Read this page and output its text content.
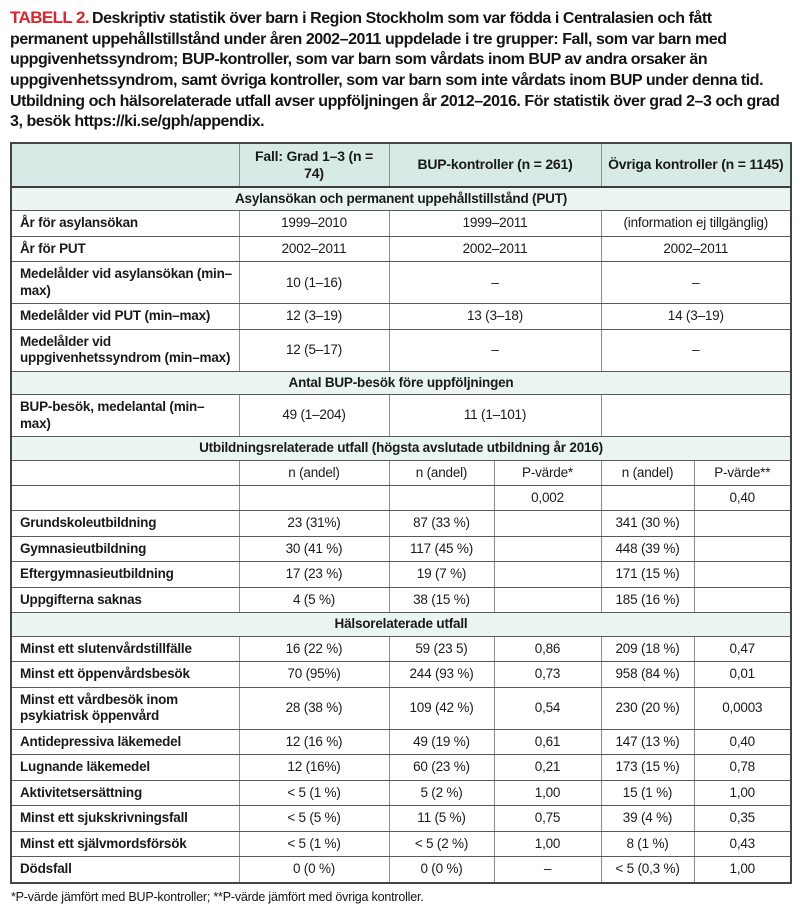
TABELL 2. Deskriptiv statistik över barn i Region Stockholm som var födda i Centralasien och fått permanent uppehållstillstånd under åren 2002–2011 uppdelade i tre grupper: Fall, som var barn med uppgivenhetssyndrom; BUP-kontroller, som var barn som vårdats inom BUP av andra orsaker än uppgivenhetssyndrom, samt övriga kontroller, som var barn som inte vårdats inom BUP under denna tid. Utbildning och hälsorelaterade utfall avser uppföljningen år 2012–2016. För statistik över grad 2–3 och grad 3, besök https://ki.se/gph/appendix.

	Fall: Grad 1–3 (n = 74)	BUP-kontroller (n = 261)		Övriga kontroller (n = 1145)	
Asylansökan och permanent uppehållstillstånd (PUT)					
År för asylansökan	1999–2010	1999–2011		(information ej tillgänglig)	
År för PUT	2002–2011	2002–2011		2002–2011	
Medelålder vid asylansökan (min–max)	10 (1–16)	–		–	
Medelålder vid PUT (min–max)	12 (3–19)	13 (3–18)		14 (3–19)	
Medelålder vid uppgivenhetssyndrom (min–max)	12 (5–17)	–		–	
Antal BUP-besök före uppföljningen					
BUP-besök, medelantal (min–max)	49 (1–204)	11 (1–101)			
Utbildningsrelaterade utfall (högsta avslutade utbildning år 2016)					
	n (andel)	n (andel)	P-värde*	n (andel)	P-värde**
			0,002		0,40
Grundskoleutbildning	23 (31%)	87 (33 %)		341 (30 %)	
Gymnasieutbildning	30 (41 %)	117 (45 %)		448 (39 %)	
Eftergymnasieutbildning	17 (23 %)	19 (7 %)		171 (15 %)	
Uppgifterna saknas	4 (5 %)	38 (15 %)		185 (16 %)	
Hälsorelaterade utfall					
Minst ett slutenvårdstillfälle	16 (22 %)	59 (23 5)	0,86	209 (18 %)	0,47
Minst ett öppenvårdsbesök	70 (95%)	244 (93 %)	0,73	958 (84 %)	0,01
Minst ett vårdbesök inom psykiatrisk öppenvård	28 (38 %)	109 (42 %)	0,54	230 (20 %)	0,0003
Antidepressiva läkemedel	12 (16 %)	49 (19 %)	0,61	147 (13 %)	0,40
Lugnande läkemedel	12 (16%)	60 (23 %)	0,21	173 (15 %)	0,78
Aktivitetsersättning	< 5 (1 %)	5 (2 %)	1,00	15 (1 %)	1,00
Minst ett sjukskrivningsfall	< 5 (5 %)	11 (5 %)	0,75	39 (4 %)	0,35
Minst ett självmordsförsök	< 5 (1 %)	< 5 (2 %)	1,00	8 (1 %)	0,43
Dödsfall	0 (0 %)	0 (0 %)	–	< 5 (0,3 %)	1,00

*P-värde jämfört med BUP-kontroller; **P-värde jämfört med övriga kontroller.
